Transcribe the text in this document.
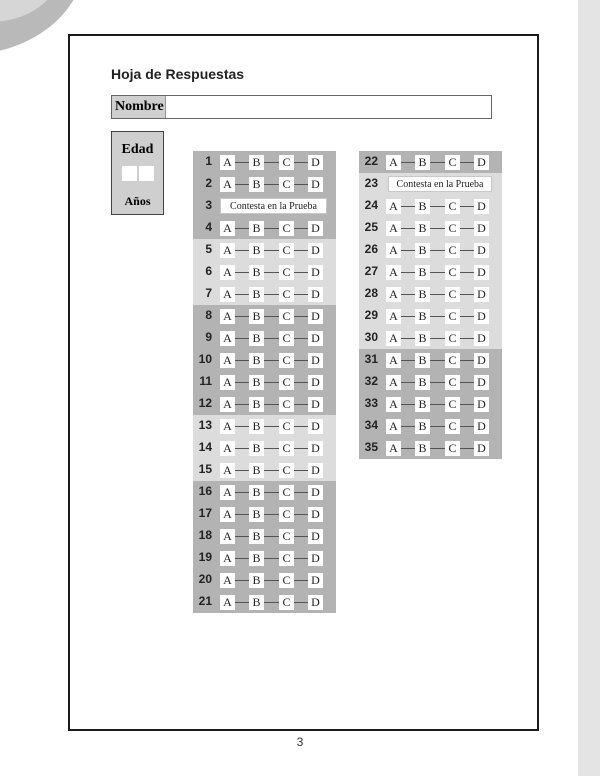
Hoja de Respuestas
Nombre
Edad
Años
1 A B C D
2 A B C D
3	Contesta en la Prueba
4 A B C D
5 A B C D
6 A B C D
7 A B C D
8 A B C D
9 A B C D
10 A B C D
11 A B C D
12 A B C D
13 A B C D
14 A B C D
15 A B C D
16 A B C D
17 A B C D
18 A B C D
19 A B C D
20 A B C D
21 A B C D
22 A B C D
23	Contesta en la Prueba
24 A B C D
25 A B C D
26 A B C D
27 A B C D
28 A B C D
29 A B C D
30 A B C D
31 A B C D
32 A B C D
33 A B C D
34 A B C D
35 A B C D
3
